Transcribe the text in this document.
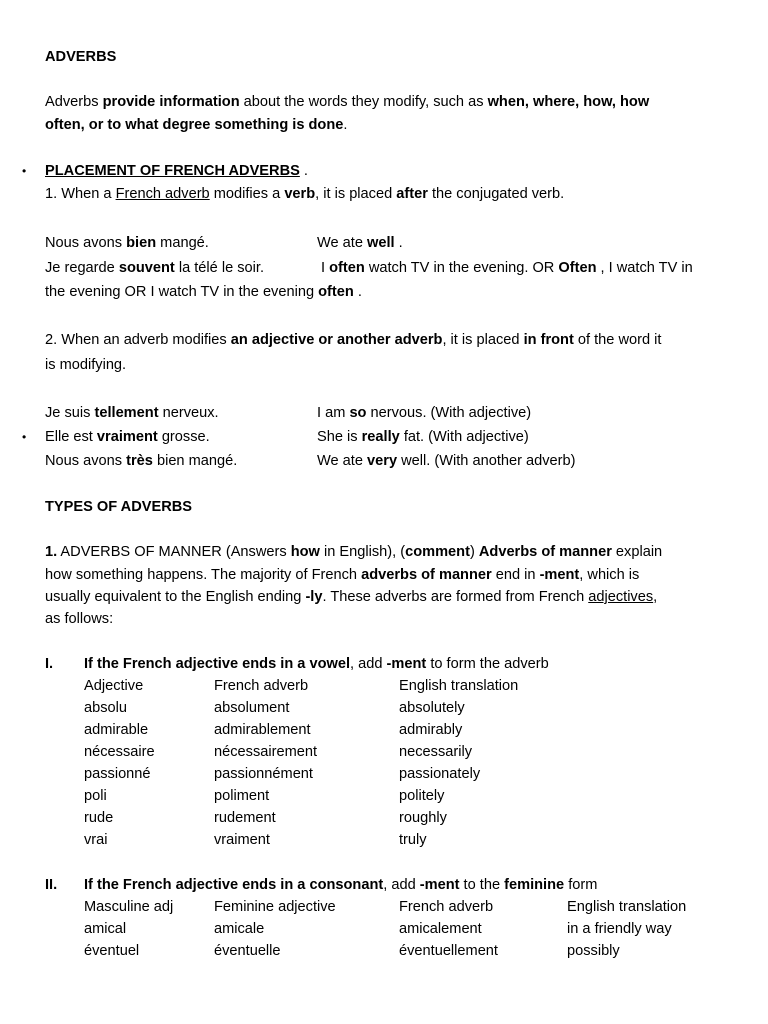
ADVERBS
Adverbs provide information about the words they modify, such as when, where, how, how
often, or to what degree something is done.
• PLACEMENT OF FRENCH ADVERBS .
1. When a French adverb modifies a verb, it is placed after the conjugated verb.
Nous avons bien mangé.	We ate well .
Je regarde souvent la télé le soir.	I often watch TV in the evening. OR Often , I watch TV in
the evening OR I watch TV in the evening often .
2. When an adverb modifies an adjective or another adverb, it is placed in front of the word it
is modifying.
Je suis tellement nerveux.	I am so nervous. (With adjective)
• Elle est vraiment grosse.	She is really fat. (With adjective)
Nous avons très bien mangé.	We ate very well. (With another adverb)
TYPES OF ADVERBS
1. ADVERBS OF MANNER (Answers how in English), (comment) Adverbs of manner explain
how something happens. The majority of French adverbs of manner end in -ment, which is
usually equivalent to the English ending -ly. These adverbs are formed from French adjectives,
as follows:
I. If the French adjective ends in a vowel, add -ment to form the adverb
Adjective	French adverb	English translation
absolu	absolument	absolutely
admirable	admirablement	admirably
nécessaire	nécessairement	necessarily
passionné	passionnément	passionately
poli	poliment	politely
rude	rudement	roughly
vrai	vraiment	truly
II. If the French adjective ends in a consonant, add -ment to the feminine form
Masculine adj	Feminine adjective	French adverb	English translation
amical	amicale	amicalement	in a friendly way
éventuel	éventuelle	éventuellement	possibly
